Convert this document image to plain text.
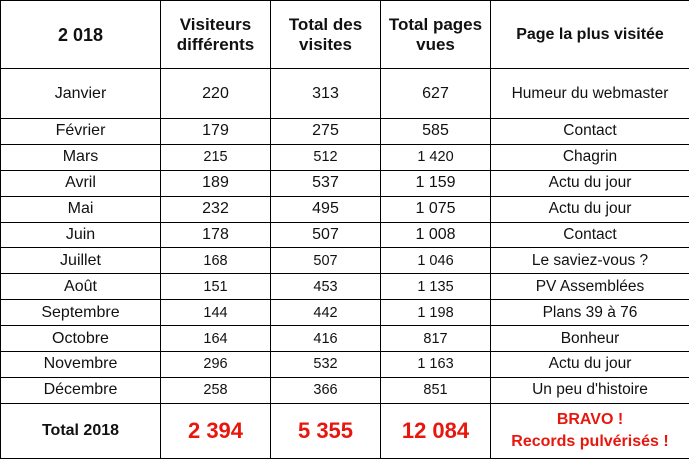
2 018	Visiteurs différents	Total des visites	Total pages vues	Page la plus visitée
Janvier	220	313	627	Humeur du webmaster
Février	179	275	585	Contact
Mars	215	512	1 420	Chagrin
Avril	189	537	1 159	Actu du jour
Mai	232	495	1 075	Actu du jour
Juin	178	507	1 008	Contact
Juillet	168	507	1 046	Le saviez-vous ?
Août	151	453	1 135	PV Assemblées
Septembre	144	442	1 198	Plans 39 à 76
Octobre	164	416	817	Bonheur
Novembre	296	532	1 163	Actu du jour
Décembre	258	366	851	Un peu d'histoire
Total 2018	2 394	5 355	12 084	BRAVO !
Records pulvérisés !
